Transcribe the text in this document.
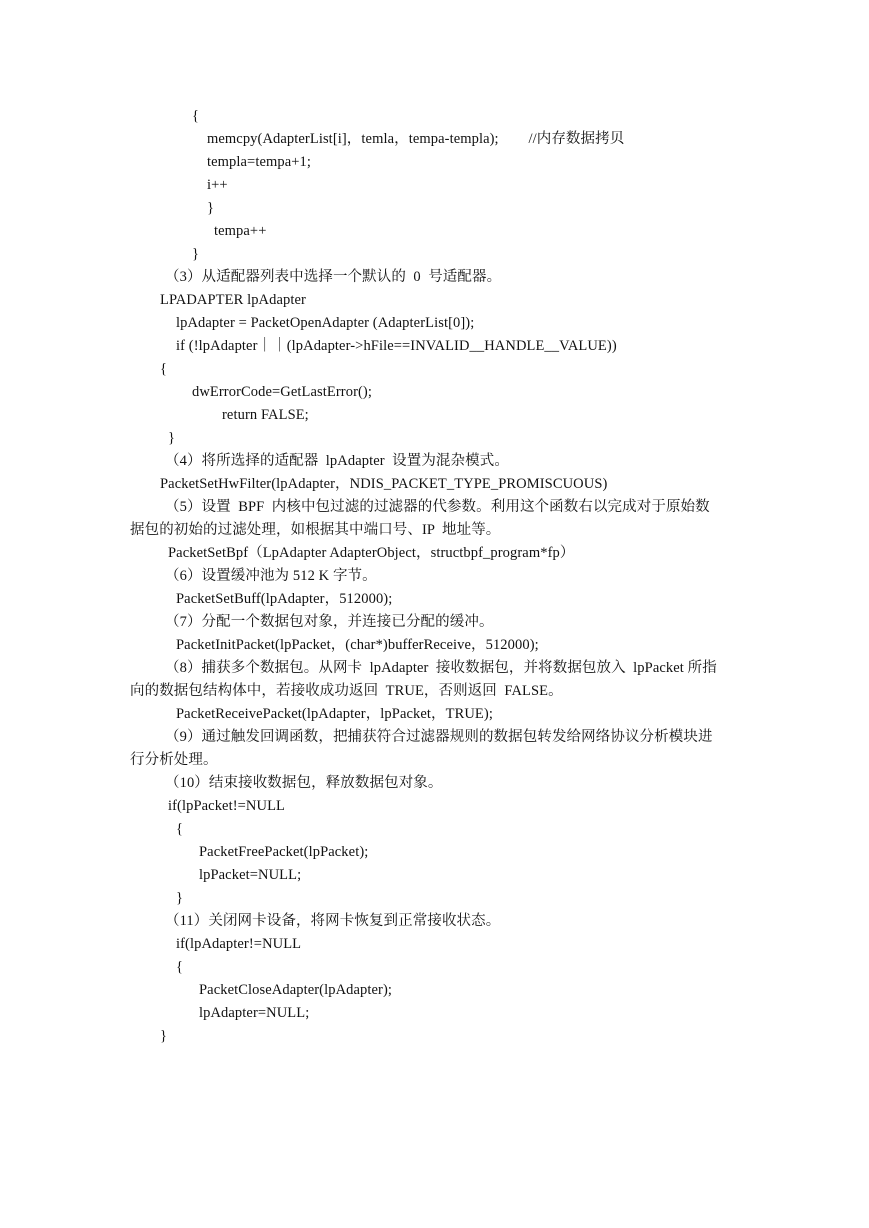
{
memcpy(AdapterList[i]，temla，tempa-templa);        //内存数据拷贝
templa=tempa+1;
i++
}
tempa++
}
（3）从适配器列表中选择一个默认的  0  号适配器。
LPADAPTER lpAdapter
lpAdapter = PacketOpenAdapter (AdapterList[0]);
if (!lpAdapter｜｜(lpAdapter->hFile==INVALID__HANDLE__VALUE))
{
dwErrorCode=GetLastError();
return FALSE;
}
（4）将所选择的适配器  lpAdapter  设置为混杂模式。
PacketSetHwFilter(lpAdapter，NDIS_PACKET_TYPE_PROMISCUOUS)
（5）设置  BPF  内核中包过滤的过滤器的代参数。利用这个函数右以完成对于原始数
据包的初始的过滤处理，如根据其中端口号、IP  地址等。
PacketSetBpf（LpAdapter AdapterObject，structbpf_program*fp）
（6）设置缓冲池为 512 K 字节。
PacketSetBuff(lpAdapter，512000);
（7）分配一个数据包对象，并连接已分配的缓冲。
PacketInitPacket(lpPacket，(char*)bufferReceive，512000);
（8）捕获多个数据包。从网卡  lpAdapter  接收数据包，并将数据包放入  lpPacket 所指
向的数据包结构体中，若接收成功返回  TRUE，否则返回  FALSE。
PacketReceivePacket(lpAdapter，lpPacket，TRUE);
（9）通过触发回调函数，把捕获符合过滤器规则的数据包转发给网络协议分析模块进
行分析处理。
（10）结束接收数据包，释放数据包对象。
if(lpPacket!=NULL
{
PacketFreePacket(lpPacket);
lpPacket=NULL;
}
（11）关闭网卡设备，将网卡恢复到正常接收状态。
if(lpAdapter!=NULL
{
PacketCloseAdapter(lpAdapter);
lpAdapter=NULL;
}
